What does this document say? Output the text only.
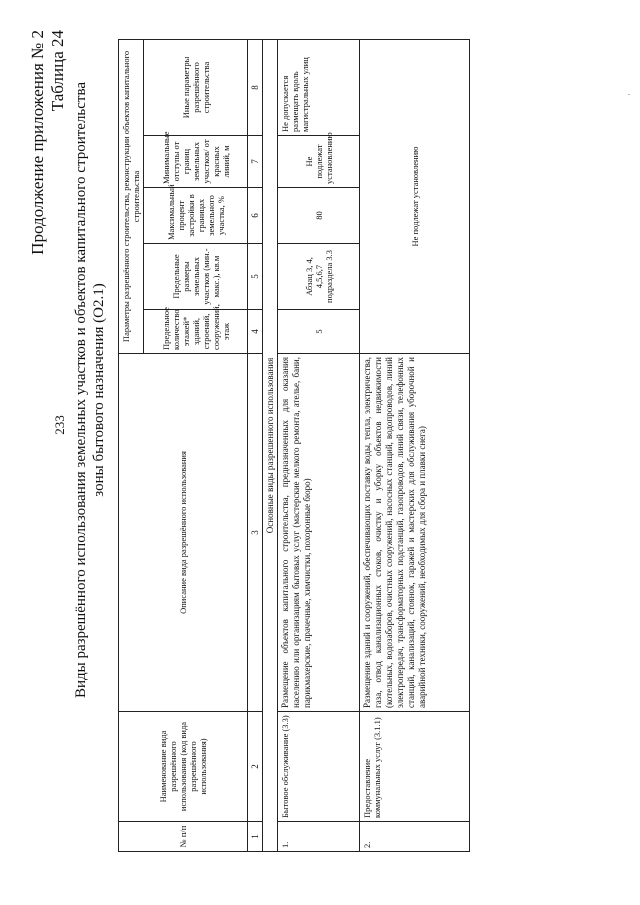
.
233
Продолжение приложения № 2 Таблица 24
Виды разрешённого использования земельных участков и объектов капитального строительства зоны бытового назначения (О2.1)
№ п/п	Наименование вида разрешённого использования (код вида разрешённого использования)	Описание вида разрешённого использования	Параметры разрешённого строительства, реконструкции объектов капитального строительства				
			Предельное количество этажей* зданий, строений, сооружений, этаж	Предельные размеры земельных участков (мин.-макс.), кв.м	Максимальный процент застройки в границах земельного участка, %	Минимальные отступы от границ земельных участков/ от красных линий, м	Иные параметры разрешённого строительства
1	2	3	4	5	6	7	8
Основные виды разрешенного использования							
1.	Бытовое обслуживание (3.3)	Размещение объектов капитального строительства, предназначенных для оказания населению или организациям бытовых услуг (мастерские мелкого ремонта, ателье, бани, парикмахерские, прачечные, химчистки, похоронные бюро)	5	Абзац 3, 4, 4,5,6,7 подраздела 3.3	80	Не подлежат установлению	Не допускается размещать вдоль магистральных улиц
2.	Предоставление коммунальных услуг (3.1.1)	Размещение зданий и сооружений, обеспечивающих поставку воды, тепла, электричества, газа, отвод канализационных стоков, очистку и уборку объектов недвижимости (котельных, водозаборов, очистных сооружений, насосных станций, водопроводов, линий электропередач, трансформаторных подстанций, газопроводов, линий связи, телефонных станций, канализаций, стоянок, гаражей и мастерских для обслуживания уборочной и аварийной техники, сооружений, необходимых для сбора и плавки снега)	Не подлежат установлению				
